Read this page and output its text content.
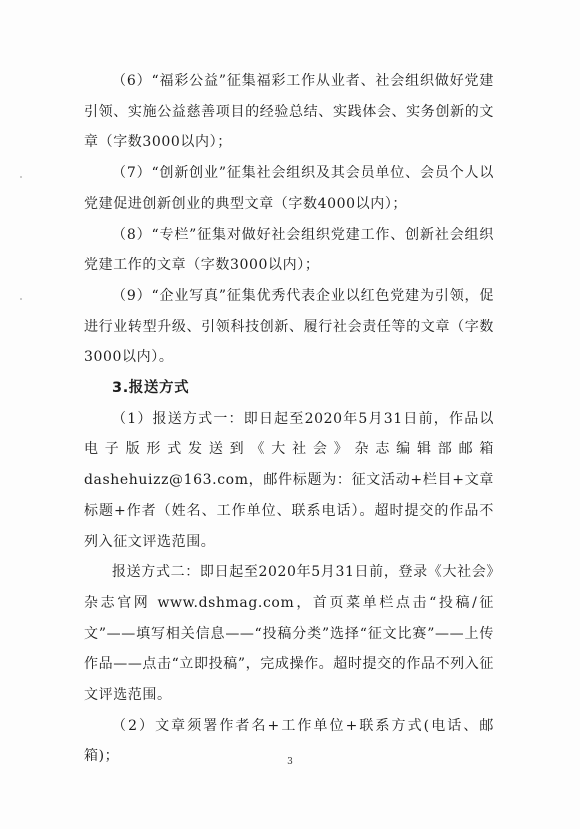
（6）“福彩公益”征集福彩工作从业者、社会组织做好党建引领、实施公益慈善项目的经验总结、实践体会、实务创新的文章（字数3000以内）；

（7）“创新创业”征集社会组织及其会员单位、会员个人以党建促进创新创业的典型文章（字数4000以内）；

（8）“专栏”征集对做好社会组织党建工作、创新社会组织党建工作的文章（字数3000以内）；

（9）“企业写真”征集优秀代表企业以红色党建为引领，促进行业转型升级、引领科技创新、履行社会责任等的文章（字数3000以内）。

3.报送方式

（1）报送方式一：即日起至2020年5月31日前，作品以电子版形式发送到《大社会》杂志编辑部邮箱dashehuizz@163.com，邮件标题为：征文活动+栏目+文章标题+作者（姓名、工作单位、联系电话）。超时提交的作品不列入征文评选范围。

报送方式二：即日起至2020年5月31日前，登录《大社会》杂志官网 www.dshmag.com，首页菜单栏点击“投稿/征文”——填写相关信息——“投稿分类”选择“征文比赛”——上传作品——点击“立即投稿”，完成操作。超时提交的作品不列入征文评选范围。

（2）文章须署作者名+工作单位+联系方式(电话、邮箱)；	3
